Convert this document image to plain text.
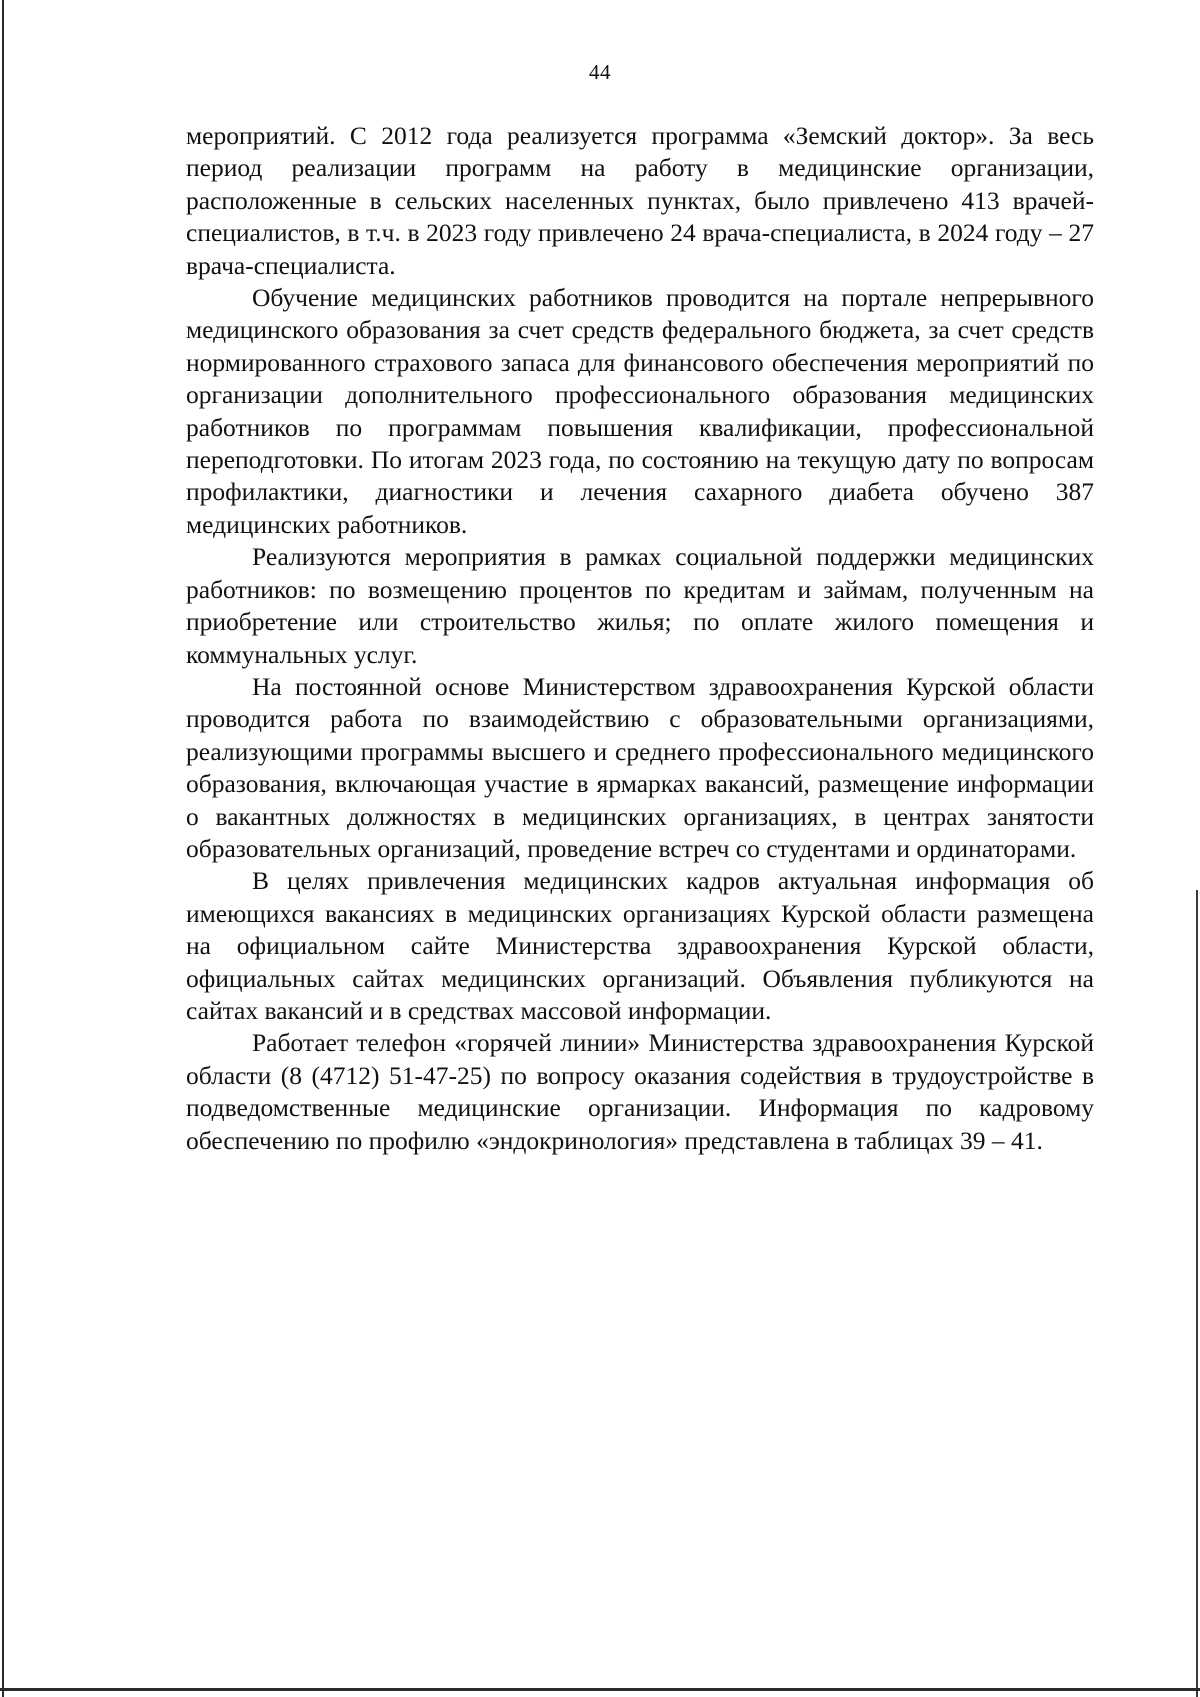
44

мероприятий. С 2012 года реализуется программа «Земский доктор». За весь период реализации программ на работу в медицинские организации, расположенные в сельских населенных пунктах, было привлечено 413 врачей-специалистов, в т.ч. в 2023 году привлечено 24 врача-специалиста, в 2024 году – 27 врача-специалиста.

Обучение медицинских работников проводится на портале непрерывного медицинского образования за счет средств федерального бюджета, за счет средств нормированного страхового запаса для финансового обеспечения мероприятий по организации дополнительного профессионального образования медицинских работников по программам повышения квалификации, профессиональной переподготовки. По итогам 2023 года, по состоянию на текущую дату по вопросам профилактики, диагностики и лечения сахарного диабета обучено 387 медицинских работников.

Реализуются мероприятия в рамках социальной поддержки медицинских работников: по возмещению процентов по кредитам и займам, полученным на приобретение или строительство жилья; по оплате жилого помещения и коммунальных услуг.

На постоянной основе Министерством здравоохранения Курской области проводится работа по взаимодействию с образовательными организациями, реализующими программы высшего и среднего профессионального медицинского образования, включающая участие в ярмарках вакансий, размещение информации о вакантных должностях в медицинских организациях, в центрах занятости образовательных организаций, проведение встреч со студентами и ординаторами.

В целях привлечения медицинских кадров актуальная информация об имеющихся вакансиях в медицинских организациях Курской области размещена на официальном сайте Министерства здравоохранения Курской области, официальных сайтах медицинских организаций. Объявления публикуются на сайтах вакансий и в средствах массовой информации.

Работает телефон «горячей линии» Министерства здравоохранения Курской области (8 (4712) 51-47-25) по вопросу оказания содействия в трудоустройстве в подведомственные медицинские организации. Информация по кадровому обеспечению по профилю «эндокринология» представлена в таблицах 39 – 41.
